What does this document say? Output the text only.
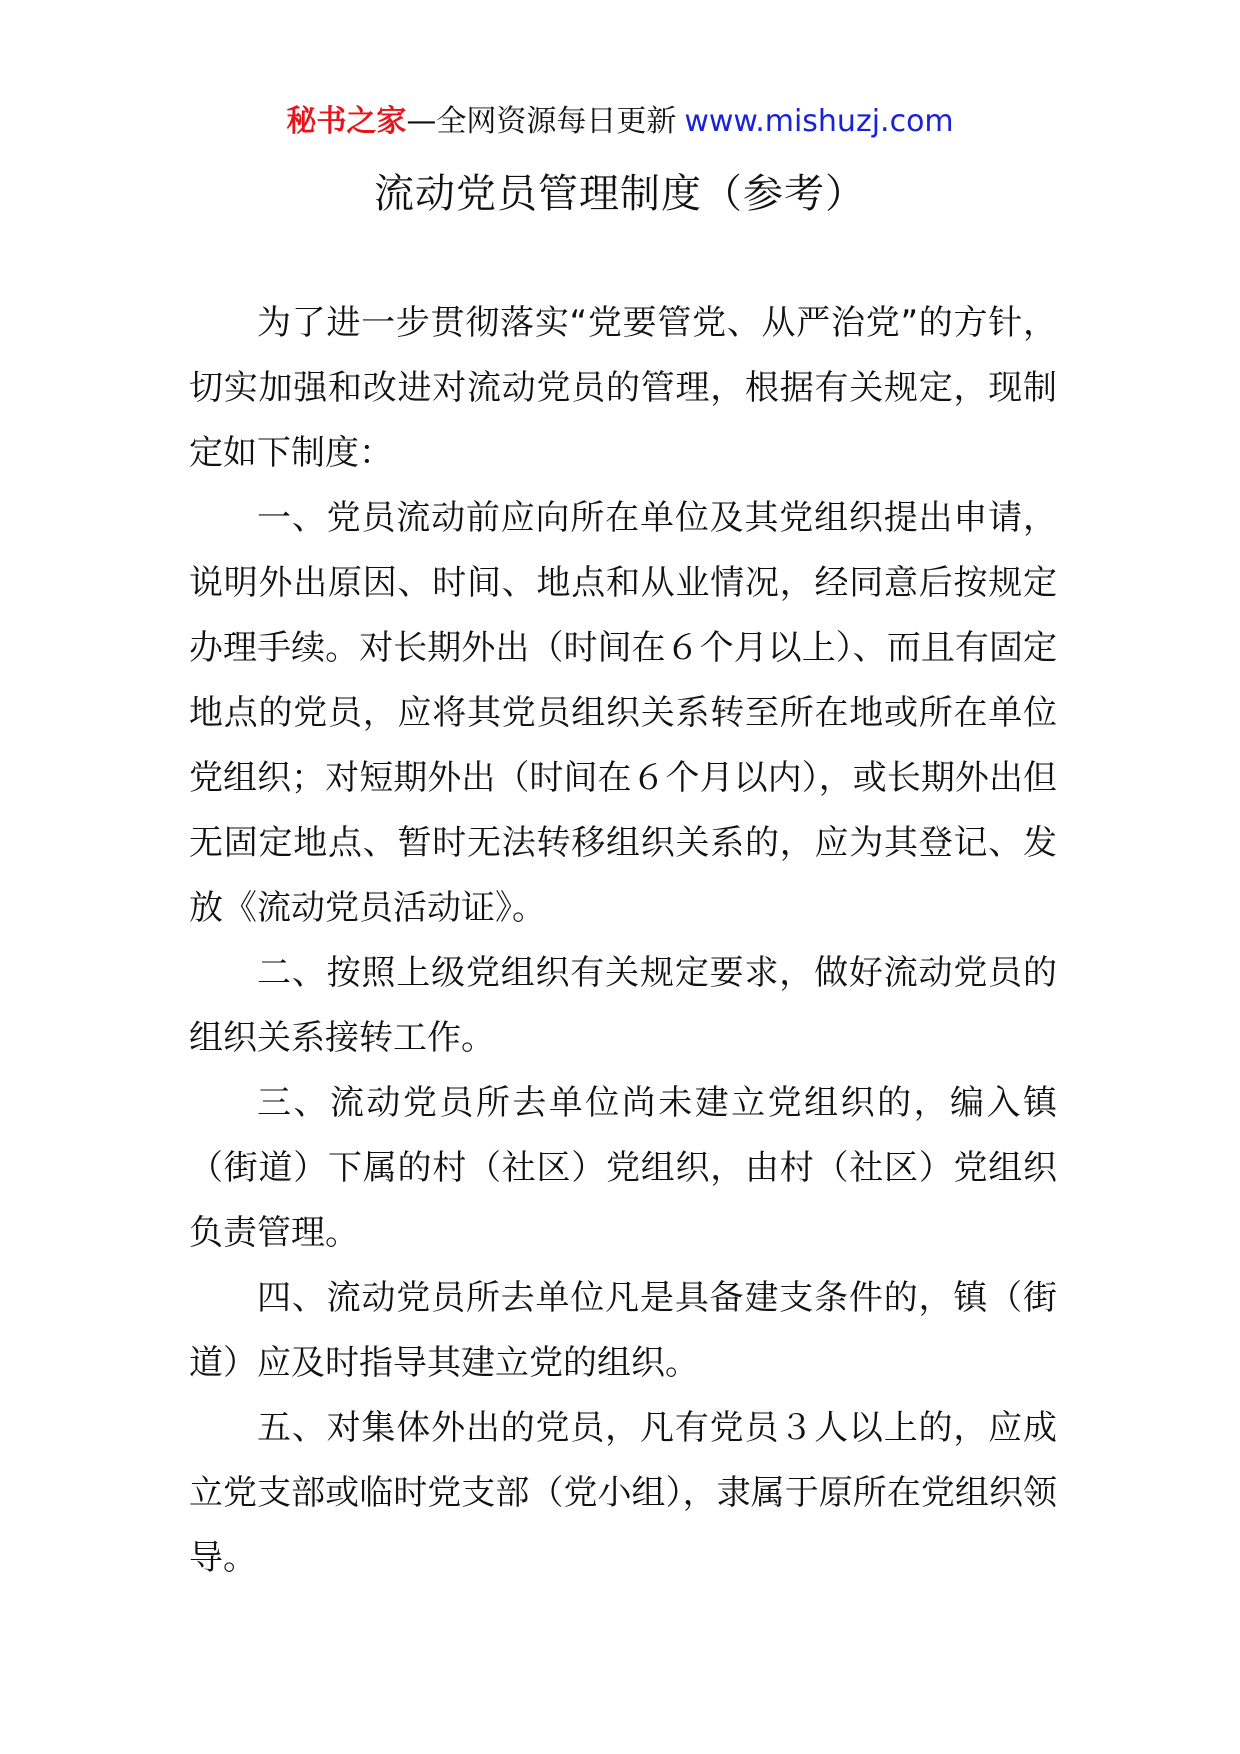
秘书之家—全网资源每日更新 www.mishuzj.com
流动党员管理制度（参考）

为了进一步贯彻落实“党要管党、从严治党”的方针，切实加强和改进对流动党员的管理，根据有关规定，现制定如下制度：

一、党员流动前应向所在单位及其党组织提出申请，说明外出原因、时间、地点和从业情况，经同意后按规定办理手续。对长期外出（时间在６个月以上）、而且有固定地点的党员，应将其党员组织关系转至所在地或所在单位党组织；对短期外出（时间在６个月以内），或长期外出但无固定地点、暂时无法转移组织关系的，应为其登记、发放《流动党员活动证》。

二、按照上级党组织有关规定要求，做好流动党员的组织关系接转工作。

三、流动党员所去单位尚未建立党组织的，编入镇（街道）下属的村（社区）党组织，由村（社区）党组织负责管理。

四、流动党员所去单位凡是具备建支条件的，镇（街道）应及时指导其建立党的组织。

五、对集体外出的党员，凡有党员３人以上的，应成立党支部或临时党支部（党小组），隶属于原所在党组织领导。
